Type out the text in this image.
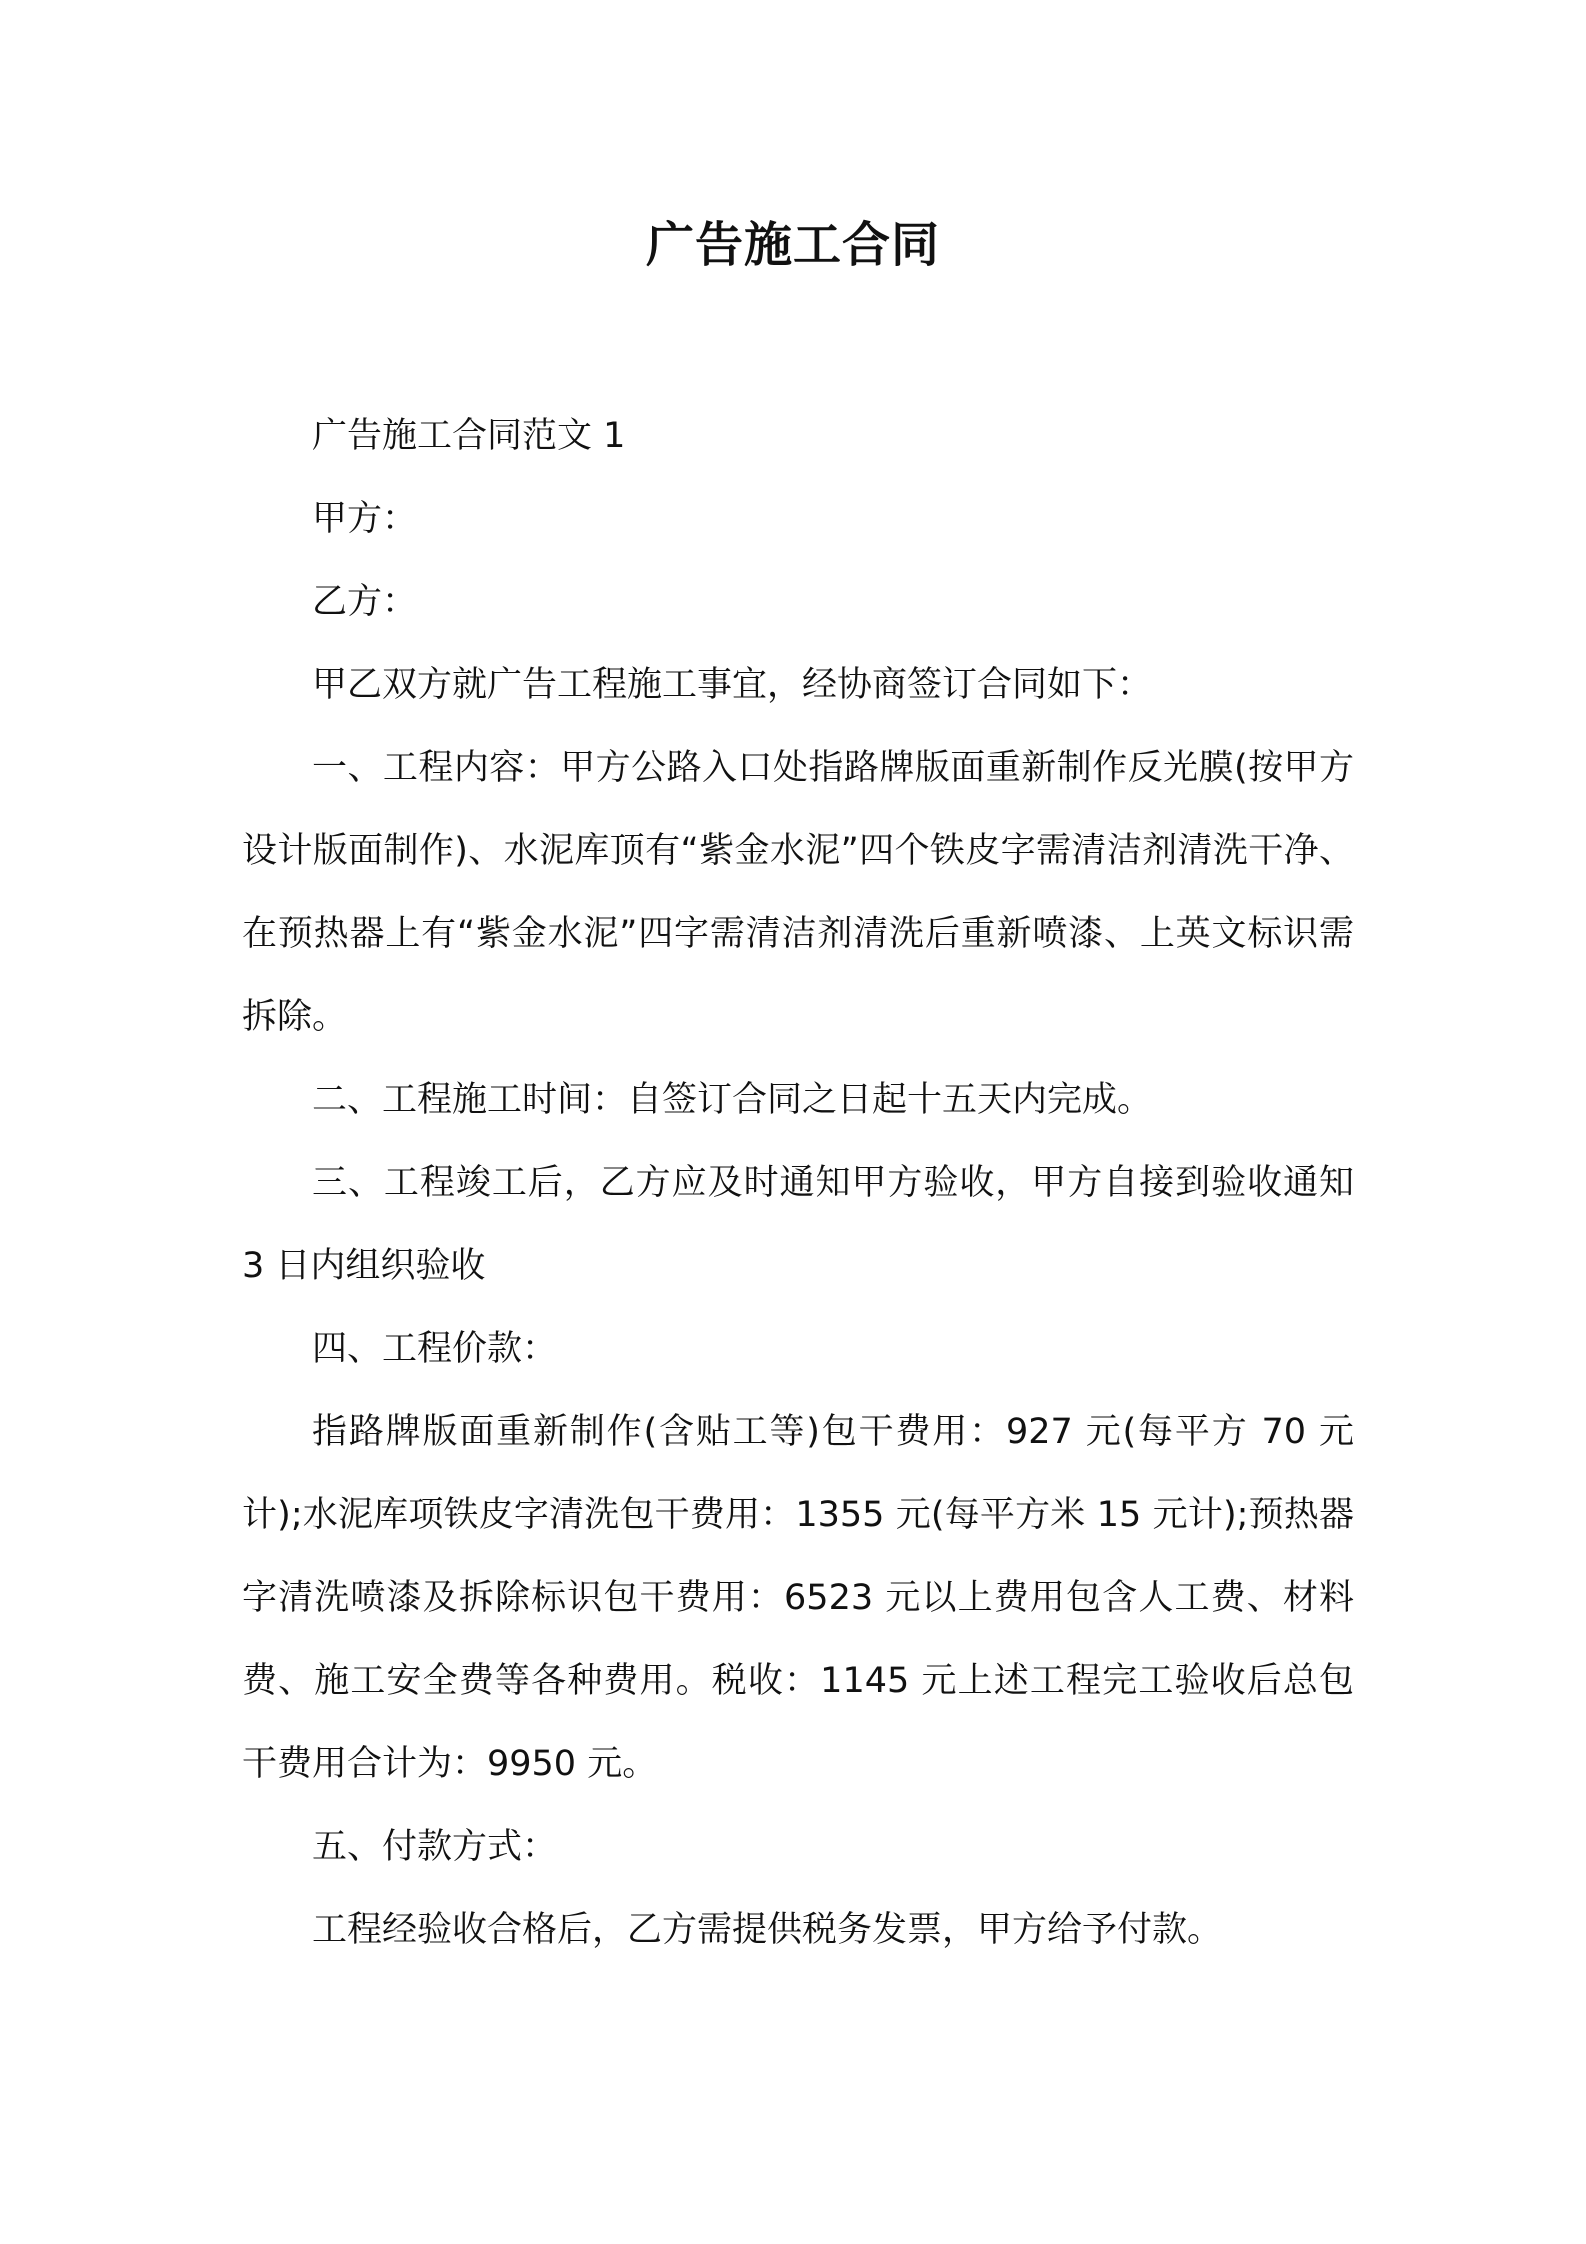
广告施工合同

广告施工合同范文 1

甲方：

乙方：

甲乙双方就广告工程施工事宜，经协商签订合同如下：

一、工程内容：甲方公路入口处指路牌版面重新制作反光膜(按甲方设计版面制作)、水泥库顶有“紫金水泥”四个铁皮字需清洁剂清洗干净、在预热器上有“紫金水泥”四字需清洁剂清洗后重新喷漆、上英文标识需拆除。

二、工程施工时间：自签订合同之日起十五天内完成。

三、工程竣工后，乙方应及时通知甲方验收，甲方自接到验收通知 3 日内组织验收

四、工程价款：

指路牌版面重新制作(含贴工等)包干费用：927 元(每平方 70 元计);水泥库项铁皮字清洗包干费用：1355 元(每平方米 15 元计);预热器字清洗喷漆及拆除标识包干费用：6523 元以上费用包含人工费、材料费、施工安全费等各种费用。税收：1145 元上述工程完工验收后总包干费用合计为：9950 元。

五、付款方式：

工程经验收合格后，乙方需提供税务发票，甲方给予付款。
